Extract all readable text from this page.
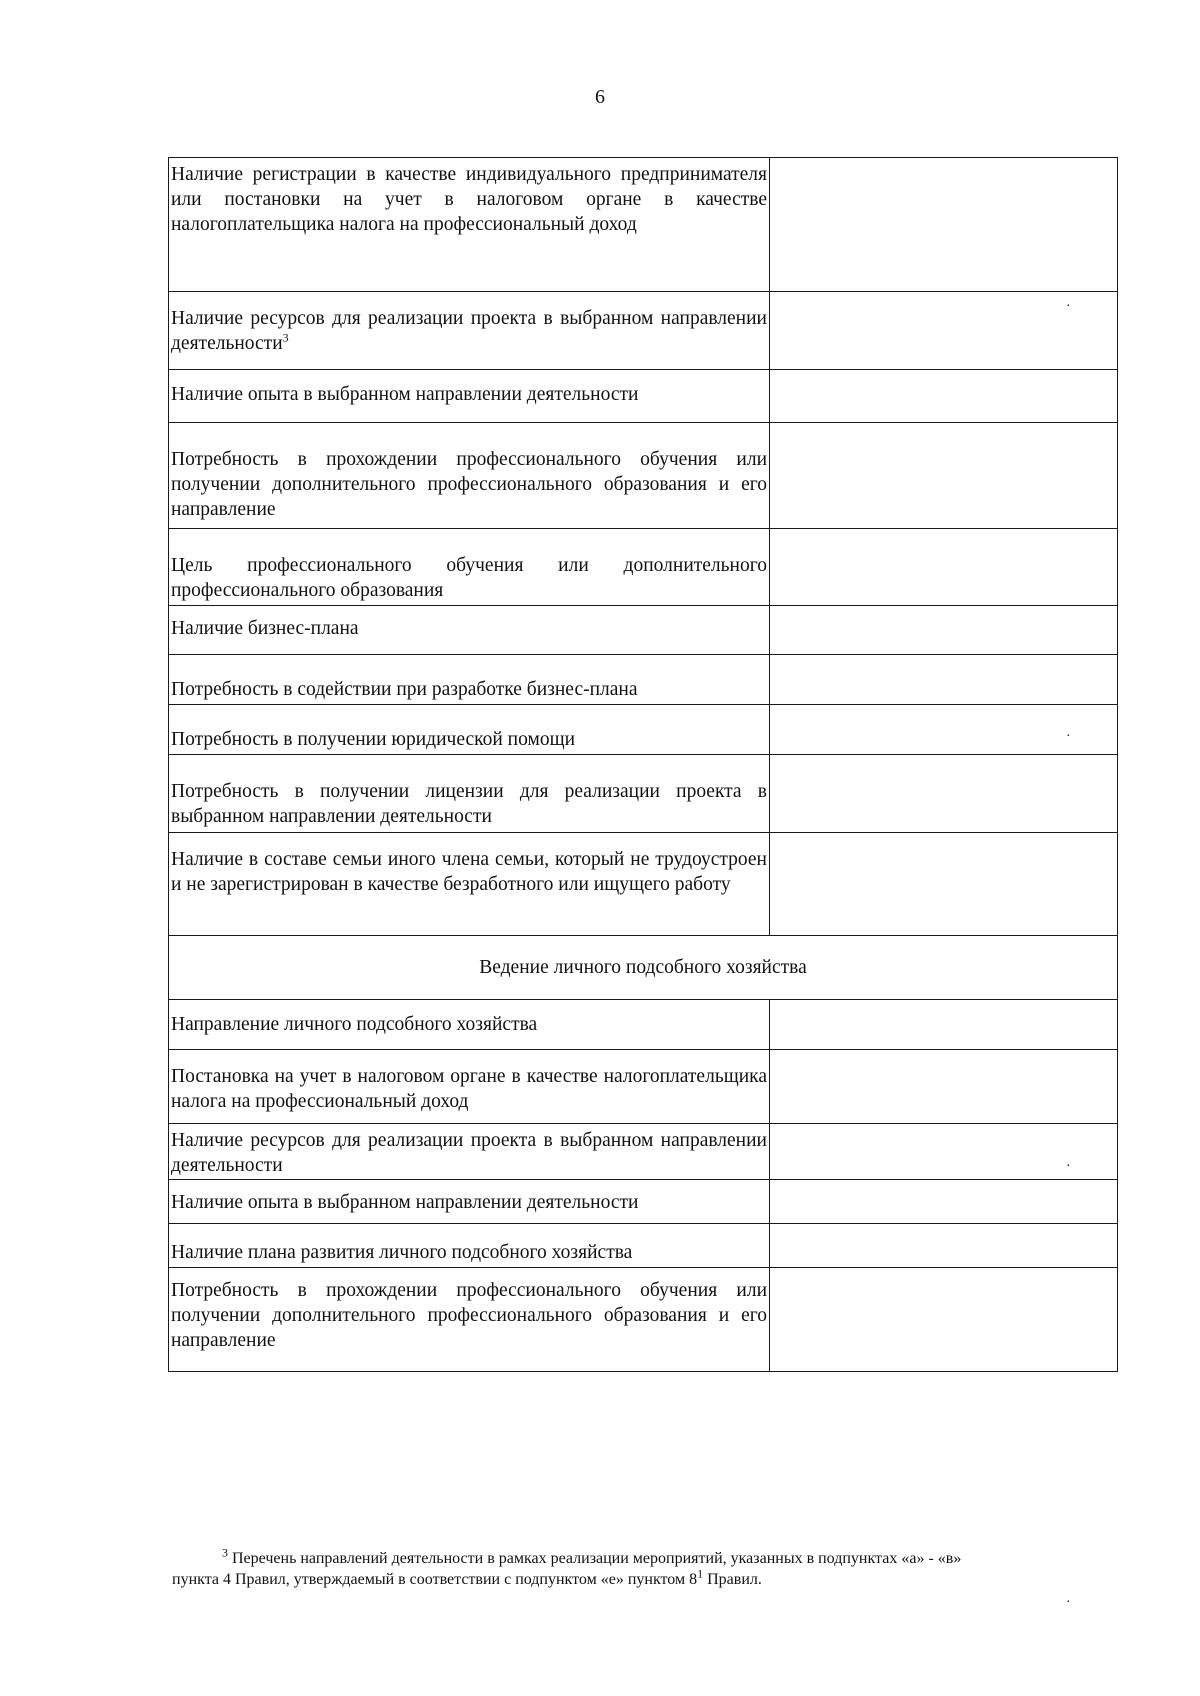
6
Наличие регистрации в качестве индивидуального предпринимателя или постановки на учет в налоговом органе в качестве налогоплательщика налога на профессиональный доход	
Наличие ресурсов для реализации проекта в выбранном направлении деятельности$^3$	
Наличие опыта в выбранном направлении деятельности	
Потребность в прохождении профессионального обучения или получении дополнительного профессионального образования и его направление	
Цель профессионального обучения или дополнительного профессионального образования	
Наличие бизнес-плана	
Потребность в содействии при разработке бизнес-плана	
Потребность в получении юридической помощи	
Потребность в получении лицензии для реализации проекта в выбранном направлении деятельности	
Наличие в составе семьи иного члена семьи, который не трудоустроен и не зарегистрирован в качестве безработного или ищущего работу	
Ведение личного подсобного хозяйства	
Направление личного подсобного хозяйства	
Постановка на учет в налоговом органе в качестве налогоплательщика налога на профессиональный доход	
Наличие ресурсов для реализации проекта в выбранном направлении деятельности	
Наличие опыта в выбранном направлении деятельности	
Наличие плана развития личного подсобного хозяйства	
Потребность в прохождении профессионального обучения или получении дополнительного профессионального образования и его направление	
$^3$ Перечень направлений деятельности в рамках реализации мероприятий, указанных в подпунктах «а» - «в»
пункта 4 Правил, утверждаемый в соответствии с подпунктом «е» пунктом $8^1$ Правил.
·
·
·
·
